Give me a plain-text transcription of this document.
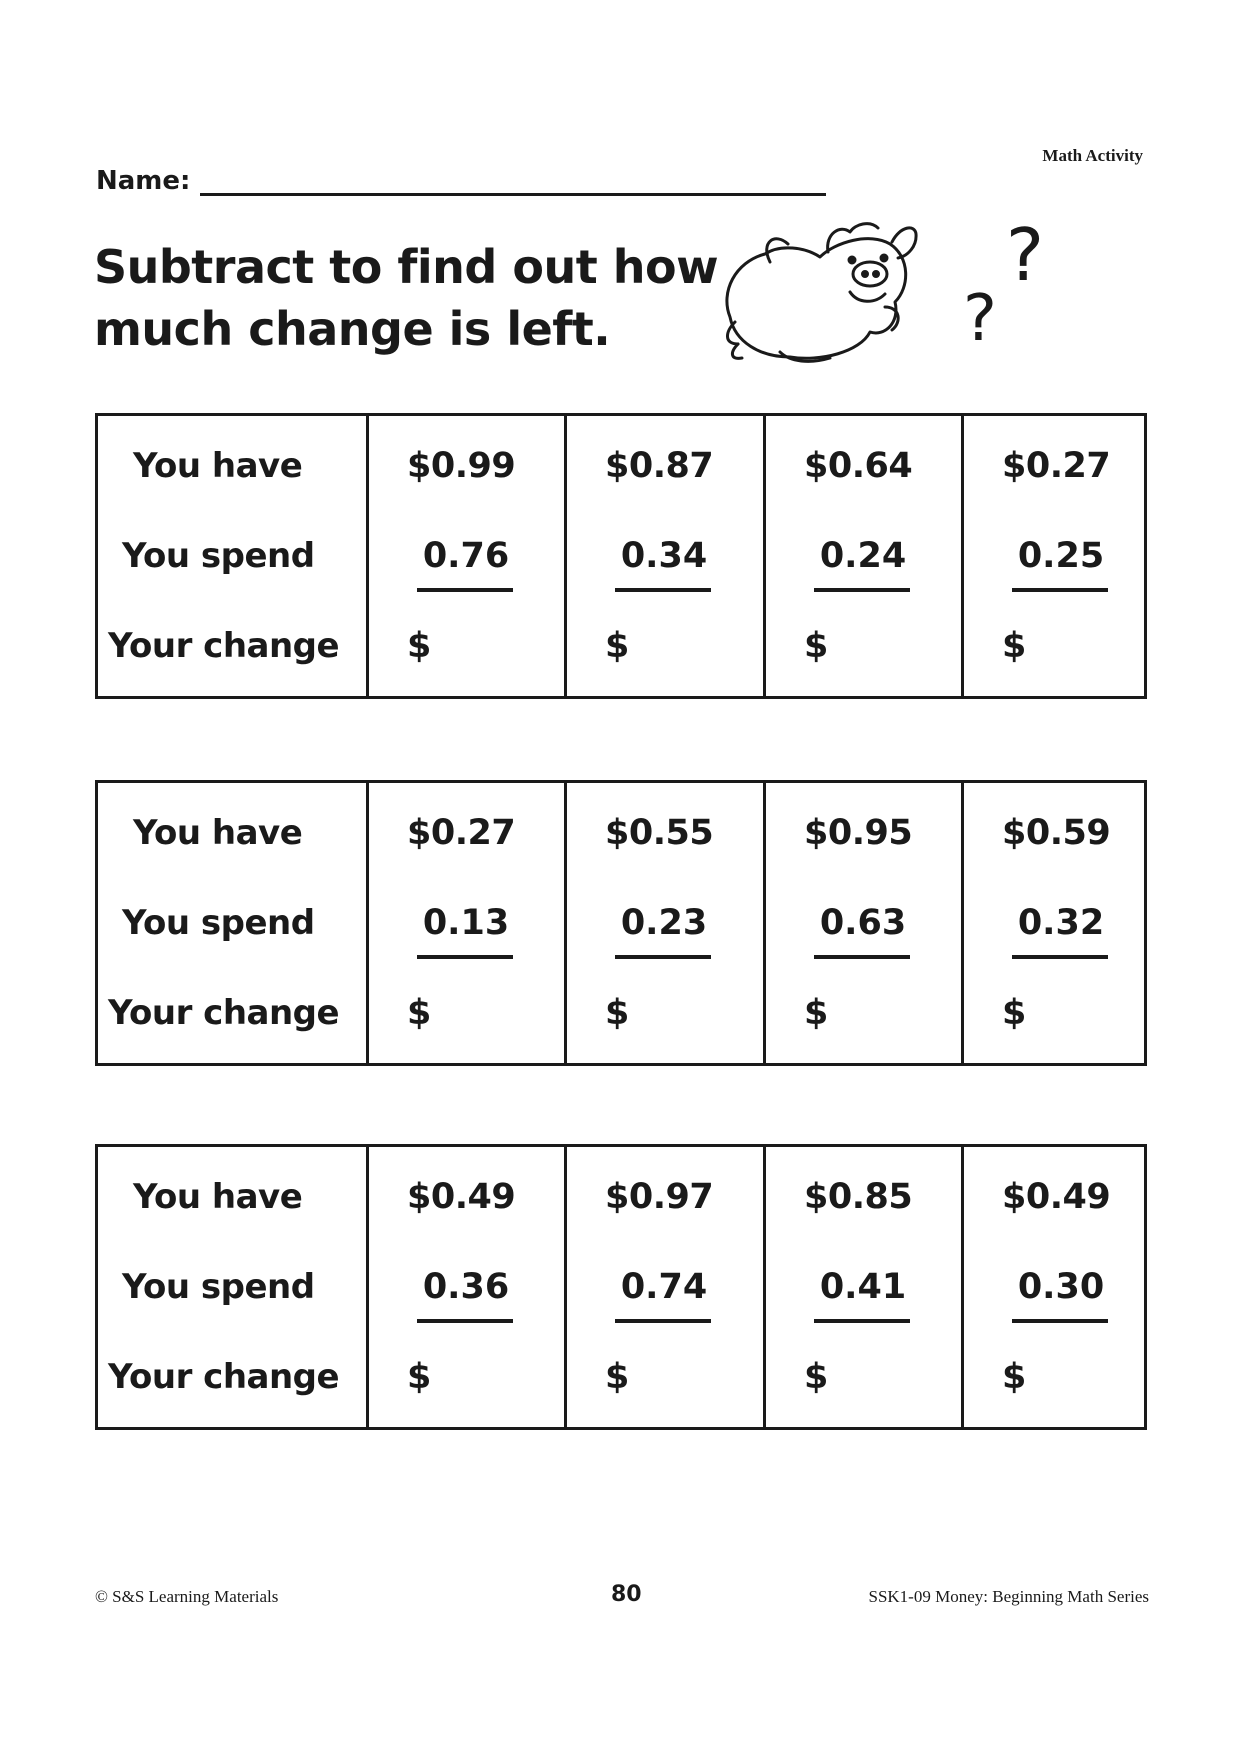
Math Activity
Name:
Subtract to find out how
much change is left.
?
?
You have
You spend
Your change
$0.99
0.76
$
$0.87
0.34
$
$0.64
0.24
$
$0.27
0.25
$
You have
You spend
Your change
$0.27
0.13
$
$0.55
0.23
$
$0.95
0.63
$
$0.59
0.32
$
You have
You spend
Your change
$0.49
0.36
$
$0.97
0.74
$
$0.85
0.41
$
$0.49
0.30
$
© S&S Learning Materials	80	SSK1-09 Money: Beginning Math Series
